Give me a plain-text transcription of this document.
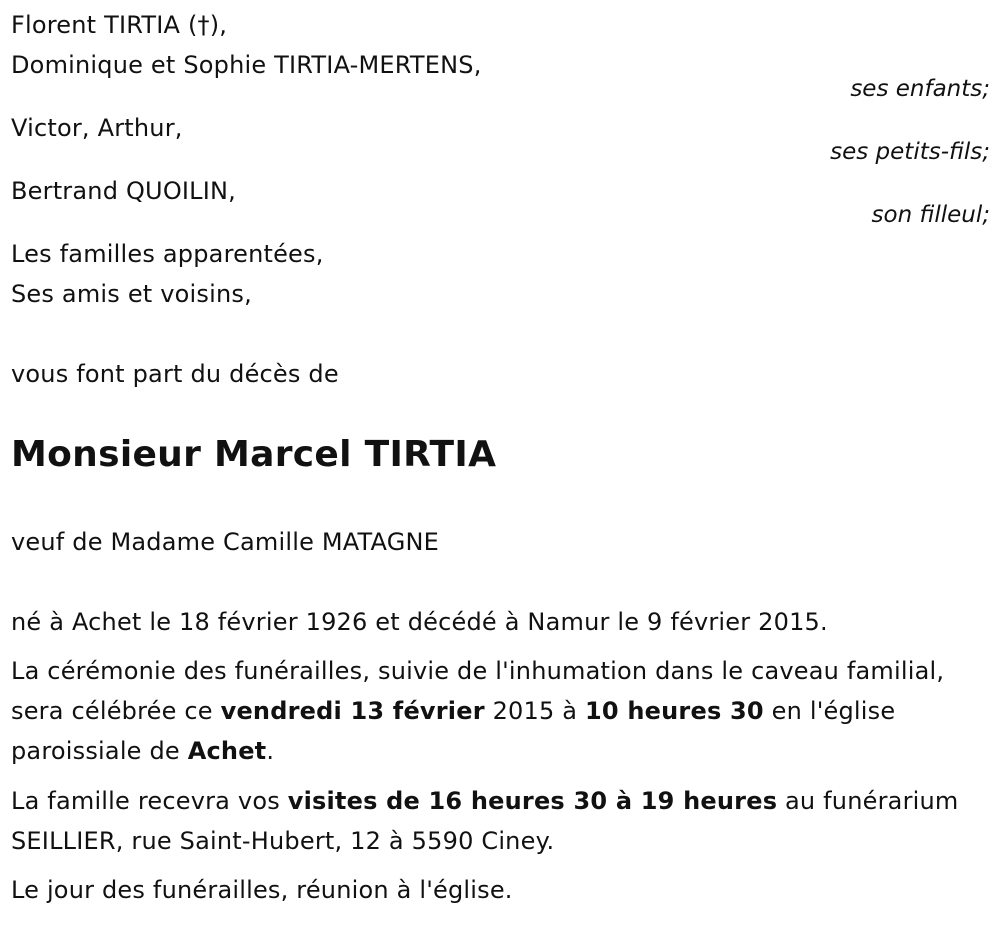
Florent TIRTIA (†),
Dominique et Sophie TIRTIA-MERTENS,
ses enfants;
Victor, Arthur,
ses petits-fils;
Bertrand QUOILIN,
son filleul;
Les familles apparentées,
Ses amis et voisins,
vous font part du décès de
Monsieur Marcel TIRTIA
veuf de Madame Camille MATAGNE
né à Achet le 18 février 1926 et décédé à Namur le 9 février 2015.
La cérémonie des funérailles, suivie de l'inhumation dans le caveau familial, sera célébrée ce vendredi 13 février 2015 à 10 heures 30 en l'église paroissiale de Achet.
La famille recevra vos visites de 16 heures 30 à 19 heures au funérarium SEILLIER, rue Saint-Hubert, 12 à 5590 Ciney.
Le jour des funérailles, réunion à l'église.
